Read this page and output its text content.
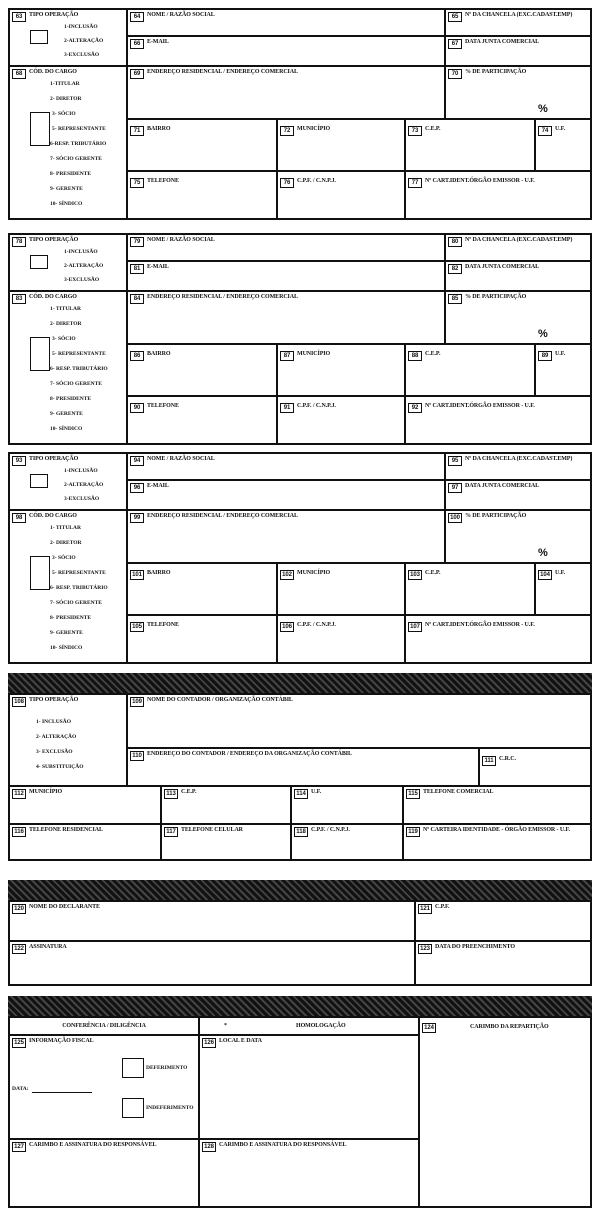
63 TIPO OPERAÇÃO
1-INCLUSÃO
2-ALTERAÇÃO
3-EXCLUSÃO
64 NOME / RAZÃO SOCIAL	65 Nº DA CHANCELA (EXC.CADAST.EMP)
66 E-MAIL	67 DATA JUNTA COMERCIAL
68 CÓD. DO CARGO
1-TITULAR
2- DIRETOR
3- SÓCIO
5- REPRESENTANTE
6-RESP. TRIBUTÁRIO
7- SÓCIO GERENTE
8- PRESIDENTE
9- GERENTE
10- SÍNDICO
69 ENDEREÇO RESIDENCIAL / ENDEREÇO COMERCIAL	70 % DE PARTICIPAÇÃO
%
71 BAIRRO	72 MUNICÍPIO	73 C.E.P.	74 U.F.
75 TELEFONE	76 C.P.F. / C.N.P.J.	77 Nº CART.IDENT.ÓRGÃO EMISSOR - U.F.
78 TIPO OPERAÇÃO
1-INCLUSÃO
2-ALTERAÇÃO
3-EXCLUSÃO
79 NOME / RAZÃO SOCIAL	80 Nº DA CHANCELA (EXC.CADAST.EMP)
81 E-MAIL	82 DATA JUNTA COMERCIAL
83 CÓD. DO CARGO
1- TITULAR
2- DIRETOR
3- SÓCIO
5- REPRESENTANTE
6- RESP. TRIBUTÁRIO
7- SÓCIO GERENTE
8- PRESIDENTE
9- GERENTE
10- SÍNDICO
84 ENDEREÇO RESIDENCIAL / ENDEREÇO COMERCIAL	85 % DE PARTICIPAÇÃO
%
86 BAIRRO	87 MUNICÍPIO	88 C.E.P.	89 U.F.
90 TELEFONE	91 C.P.F. / C.N.P.J.	92 Nº CART.IDENT.ÓRGÃO EMISSOR - U.F.
93 TIPO OPERAÇÃO
1-INCLUSÃO
2-ALTERAÇÃO
3-EXCLUSÃO
94 NOME / RAZÃO SOCIAL	95 Nº DA CHANCELA (EXC.CADAST.EMP)
96 E-MAIL	97 DATA JUNTA COMERCIAL
98 CÓD. DO CARGO
1- TITULAR
2- DIRETOR
3- SÓCIO
5- REPRESENTANTE
6- RESP. TRIBUTÁRIO
7- SÓCIO GERENTE
8- PRESIDENTE
9- GERENTE
10- SÍNDICO
99 ENDEREÇO RESIDENCIAL / ENDEREÇO COMERCIAL	100 % DE PARTICIPAÇÃO
%
101 BAIRRO	102 MUNICÍPIO	103 C.E.P.	104 U.F.
105 TELEFONE	106 C.P.F. / C.N.P.J.	107 Nº CART.IDENT.ÓRGÃO EMISSOR - U.F.
108 TIPO OPERAÇÃO
1- INCLUSÃO
2- ALTERAÇÃO
3- EXCLUSÃO
4- SUBSTITUIÇÃO
109 NOME DO CONTADOR / ORGANIZAÇÃO CONTÁBIL
110 ENDEREÇO DO CONTADOR / ENDEREÇO DA ORGANIZAÇÃO CONTÁBIL
111 C.R.C.
112 MUNICÍPIO	113 C.E.P.	114 U.F.	115 TELEFONE COMERCIAL
116 TELEFONE RESIDENCIAL	117 TELEFONE CELULAR	118 C.P.F. / C.N.P.J.	119 Nº CARTEIRA IDENTIDADE - ÓRGÃO EMISSOR - U.F.
120 NOME DO DECLARANTE	121 C.P.F.
122 ASSINATURA	123 DATA DO PREENCHIMENTO
CONFERÊNCIA / DILIGÊNCIA	*	HOMOLOGAÇÃO	124	CARIMBO DA REPARTIÇÃO
125 INFORMAÇÃO FISCAL
DEFERIMENTO
INDEFERIMENTO
DATA:
126 LOCAL E DATA
127 CARIMBO E ASSINATURA DO RESPONSÁVEL	128 CARIMBO E ASSINATURA DO RESPONSÁVEL
